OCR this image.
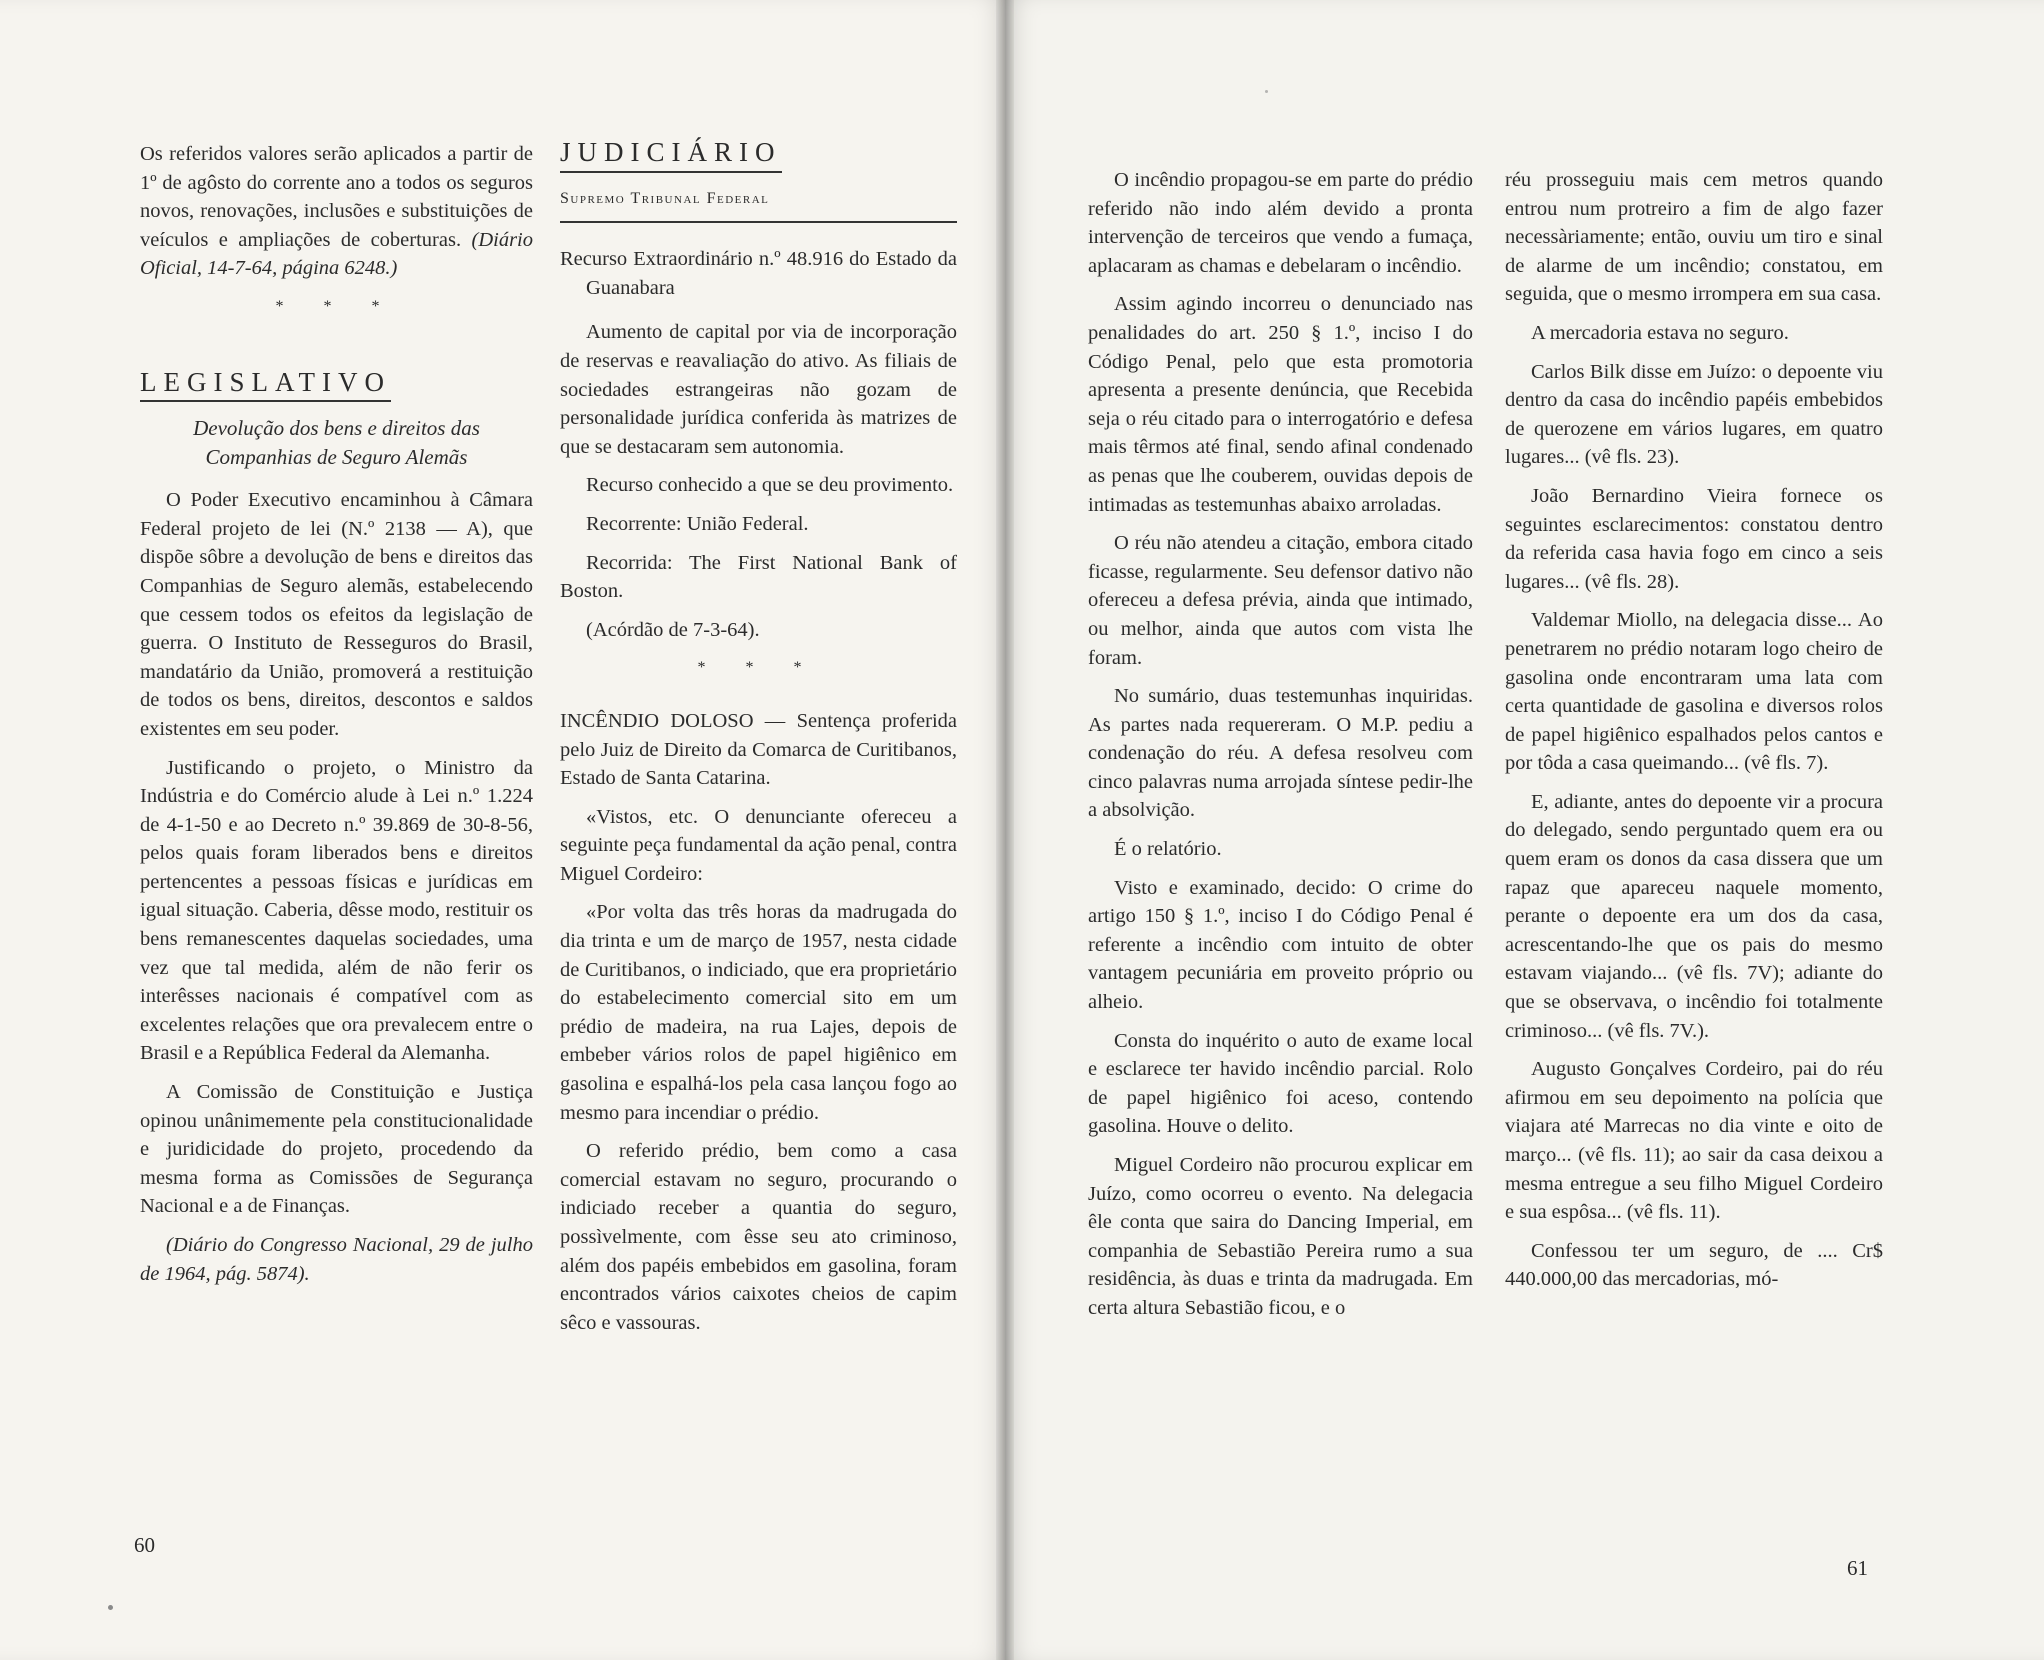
Os referidos valores serão aplicados a partir de 1º de agôsto do corrente ano a todos os seguros novos, renovações, inclusões e substituições de veículos e ampliações de coberturas. (Diário Oficial, 14-7-64, página 6248.)

* * *
LEGISLATIVO
Devolução dos bens e direitos das Companhias de Seguro Alemãs

O Poder Executivo encaminhou à Câmara Federal projeto de lei (N.º 2138 — A), que dispõe sôbre a devolução de bens e direitos das Companhias de Seguro alemãs, estabelecendo que cessem todos os efeitos da legislação de guerra. O Instituto de Resseguros do Brasil, mandatário da União, promoverá a restituição de todos os bens, direitos, descontos e saldos existentes em seu poder.

Justificando o projeto, o Ministro da Indústria e do Comércio alude à Lei n.º 1.224 de 4-1-50 e ao Decreto n.º 39.869 de 30-8-56, pelos quais foram liberados bens e direitos pertencentes a pessoas físicas e jurídicas em igual situação. Caberia, dêsse modo, restituir os bens remanescentes daquelas sociedades, uma vez que tal medida, além de não ferir os interêsses nacionais é compatível com as excelentes relações que ora prevalecem entre o Brasil e a República Federal da Alemanha.

A Comissão de Constituição e Justiça opinou unânimemente pela constitucionalidade e juridicidade do projeto, procedendo da mesma forma as Comissões de Segurança Nacional e a de Finanças.

(Diário do Congresso Nacional, 29 de julho de 1964, pág. 5874).

JUDICIÁRIO
Supremo Tribunal Federal

Recurso Extraordinário n.º 48.916 do Estado da Guanabara

Aumento de capital por via de incorporação de reservas e reavaliação do ativo. As filiais de sociedades estrangeiras não gozam de personalidade jurídica conferida às matrizes de que se destacaram sem autonomia.

Recurso conhecido a que se deu provimento.

Recorrente: União Federal.

Recorrida: The First National Bank of Boston.

(Acórdão de 7-3-64).

* * *

INCÊNDIO DOLOSO — Sentença proferida pelo Juiz de Direito da Comarca de Curitibanos, Estado de Santa Catarina.

«Vistos, etc. O denunciante ofereceu a seguinte peça fundamental da ação penal, contra Miguel Cordeiro:

«Por volta das três horas da madrugada do dia trinta e um de março de 1957, nesta cidade de Curitibanos, o indiciado, que era proprietário do estabelecimento comercial sito em um prédio de madeira, na rua Lajes, depois de embeber vários rolos de papel higiênico em gasolina e espalhá-los pela casa lançou fogo ao mesmo para incendiar o prédio.

O referido prédio, bem como a casa comercial estavam no seguro, procurando o indiciado receber a quantia do seguro, possìvelmente, com êsse seu ato criminoso, além dos papéis embebidos em gasolina, foram encontrados vários caixotes cheios de capim sêco e vassouras.

60

O incêndio propagou-se em parte do prédio referido não indo além devido a pronta intervenção de terceiros que vendo a fumaça, aplacaram as chamas e debelaram o incêndio.

Assim agindo incorreu o denunciado nas penalidades do art. 250 § 1.º, inciso I do Código Penal, pelo que esta promotoria apresenta a presente denúncia, que Recebida seja o réu citado para o interrogatório e defesa mais têrmos até final, sendo afinal condenado as penas que lhe couberem, ouvidas depois de intimadas as testemunhas abaixo arroladas.

O réu não atendeu a citação, embora citado ficasse, regularmente. Seu defensor dativo não ofereceu a defesa prévia, ainda que intimado, ou melhor, ainda que autos com vista lhe foram.

No sumário, duas testemunhas inquiridas. As partes nada requereram. O M.P. pediu a condenação do réu. A defesa resolveu com cinco palavras numa arrojada síntese pedir-lhe a absolvição.

É o relatório.

Visto e examinado, decido: O crime do artigo 150 § 1.º, inciso I do Código Penal é referente a incêndio com intuito de obter vantagem pecuniária em proveito próprio ou alheio.

Consta do inquérito o auto de exame local e esclarece ter havido incêndio parcial. Rolo de papel higiênico foi aceso, contendo gasolina. Houve o delito.

Miguel Cordeiro não procurou explicar em Juízo, como ocorreu o evento. Na delegacia êle conta que saira do Dancing Imperial, em companhia de Sebastião Pereira rumo a sua residência, às duas e trinta da madrugada. Em certa altura Sebastião ficou, e o

réu prosseguiu mais cem metros quando entrou num protreiro a fim de algo fazer necessàriamente; então, ouviu um tiro e sinal de alarme de um incêndio; constatou, em seguida, que o mesmo irrompera em sua casa.

A mercadoria estava no seguro.

Carlos Bilk disse em Juízo: o depoente viu dentro da casa do incêndio papéis embebidos de querozene em vários lugares, em quatro lugares... (vê fls. 23).

João Bernardino Vieira fornece os seguintes esclarecimentos: constatou dentro da referida casa havia fogo em cinco a seis lugares... (vê fls. 28).

Valdemar Miollo, na delegacia disse... Ao penetrarem no prédio notaram logo cheiro de gasolina onde encontraram uma lata com certa quantidade de gasolina e diversos rolos de papel higiênico espalhados pelos cantos e por tôda a casa queimando... (vê fls. 7).

E, adiante, antes do depoente vir a procura do delegado, sendo perguntado quem era ou quem eram os donos da casa dissera que um rapaz que apareceu naquele momento, perante o depoente era um dos da casa, acrescentando-lhe que os pais do mesmo estavam viajando... (vê fls. 7V); adiante do que se observava, o incêndio foi totalmente criminoso... (vê fls. 7V.).

Augusto Gonçalves Cordeiro, pai do réu afirmou em seu depoimento na polícia que viajara até Marrecas no dia vinte e oito de março... (vê fls. 11); ao sair da casa deixou a mesma entregue a seu filho Miguel Cordeiro e sua espôsa... (vê fls. 11).

Confessou ter um seguro, de .... Cr$ 440.000,00 das mercadorias, mó-

61
